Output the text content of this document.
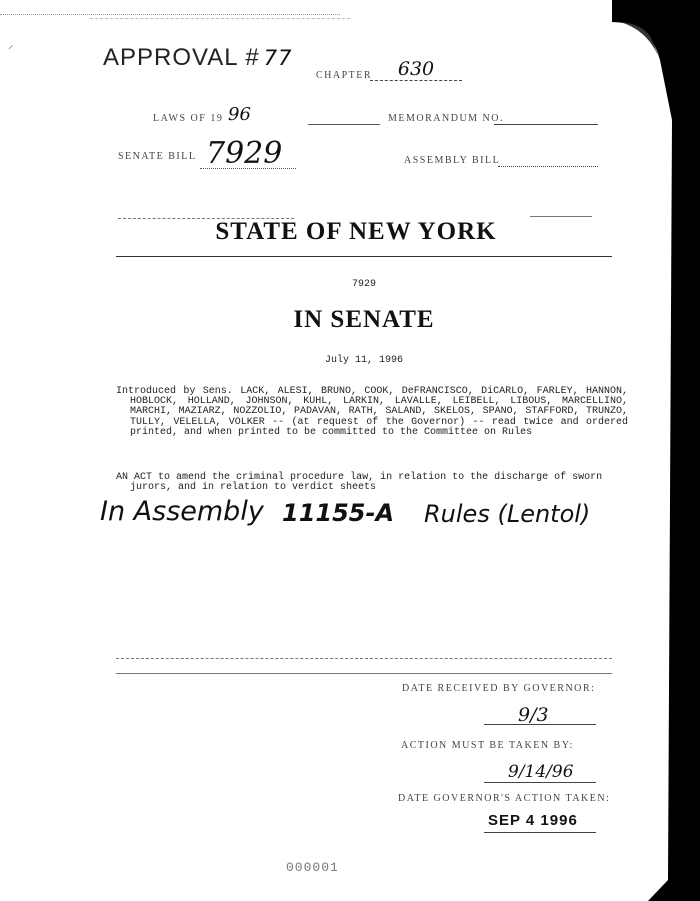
⸍	APPROVAL # 77
CHAPTER	630
LAWS OF 19 96	MEMORANDUM NO.
SENATE BILL 7929	ASSEMBLY BILL
STATE OF NEW YORK
7929
IN SENATE
July 11, 1996
Introduced by Sens. LACK, ALESI, BRUNO, COOK, DeFRANCISCO, DiCARLO, FARLEY, HANNON, HOBLOCK, HOLLAND, JOHNSON, KUHL, LARKIN, LAVALLE, LEIBELL, LIBOUS, MARCELLINO, MARCHI, MAZIARZ, NOZZOLIO, PADAVAN, RATH, SALAND, SKELOS, SPANO, STAFFORD, TRUNZO, TULLY, VELELLA, VOLKER -- (at request of the Governor) -- read twice and ordered printed, and when printed to be committed to the Committee on Rules
AN ACT to amend the criminal procedure law, in relation to the discharge of sworn jurors, and in relation to verdict sheets
In Assembly 11155-A Rules (Lentol)
DATE RECEIVED BY GOVERNOR:
9/3
ACTION MUST BE TAKEN BY:
9/14/96
DATE GOVERNOR'S ACTION TAKEN:
SEP 4 1996
000001
